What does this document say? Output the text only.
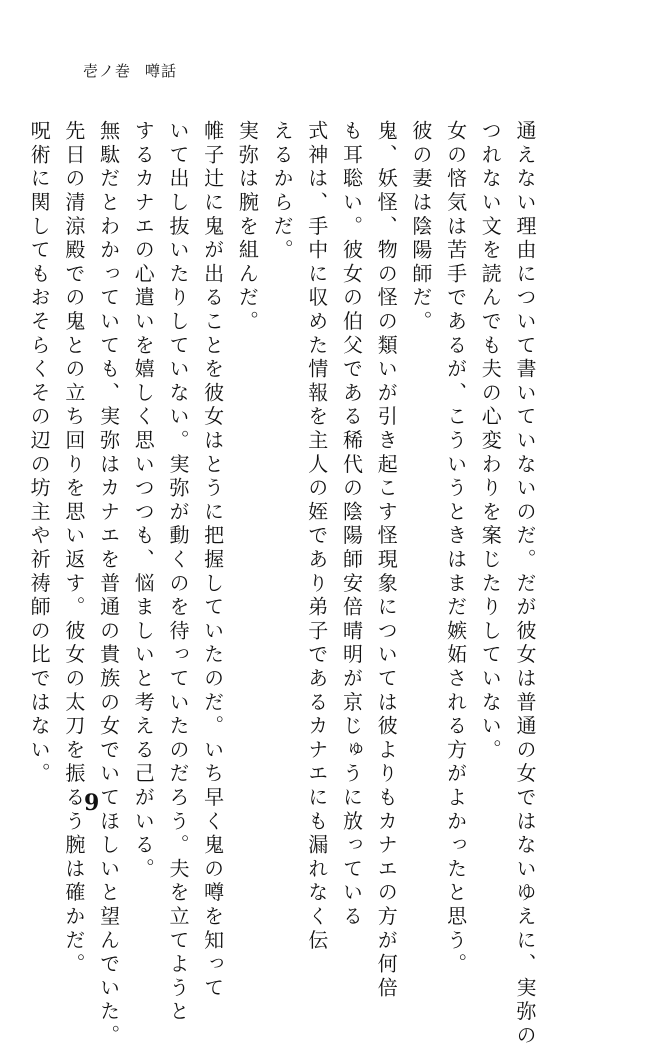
壱ノ巻 噂話
通えない理由について書いていないのだ。だが彼女は普通の女ではないゆえに、実弥の
つれない文を読んでも夫の心変わりを案じたりしていない。
女の悋気は苦手であるが、こういうときはまだ嫉妬される方がよかったと思う。
彼の妻は陰陽師だ。
鬼、妖怪、物の怪の類いが引き起こす怪現象については彼よりもカナエの方が何倍
も耳聡い。彼女の伯父である稀代の陰陽師安倍晴明が京じゅうに放っている
式神は、手中に収めた情報を主人の姪であり弟子であるカナエにも漏れなく伝
えるからだ。
実弥は腕を組んだ。
帷子辻に鬼が出ることを彼女はとうに把握していたのだ。いち早く鬼の噂を知って
いて出し抜いたりしていない。実弥が動くのを待っていたのだろう。夫を立てようと
するカナエの心遣いを嬉しく思いつつも、悩ましいと考える己がいる。
無駄だとわかっていても、実弥はカナエを普通の貴族の女でいてほしいと望んでいた。
先日の清涼殿での鬼との立ち回りを思い返す。彼女の太刀を振るう腕は確かだ。
呪術に関してもおそらくその辺の坊主や祈祷師の比ではない。
9
